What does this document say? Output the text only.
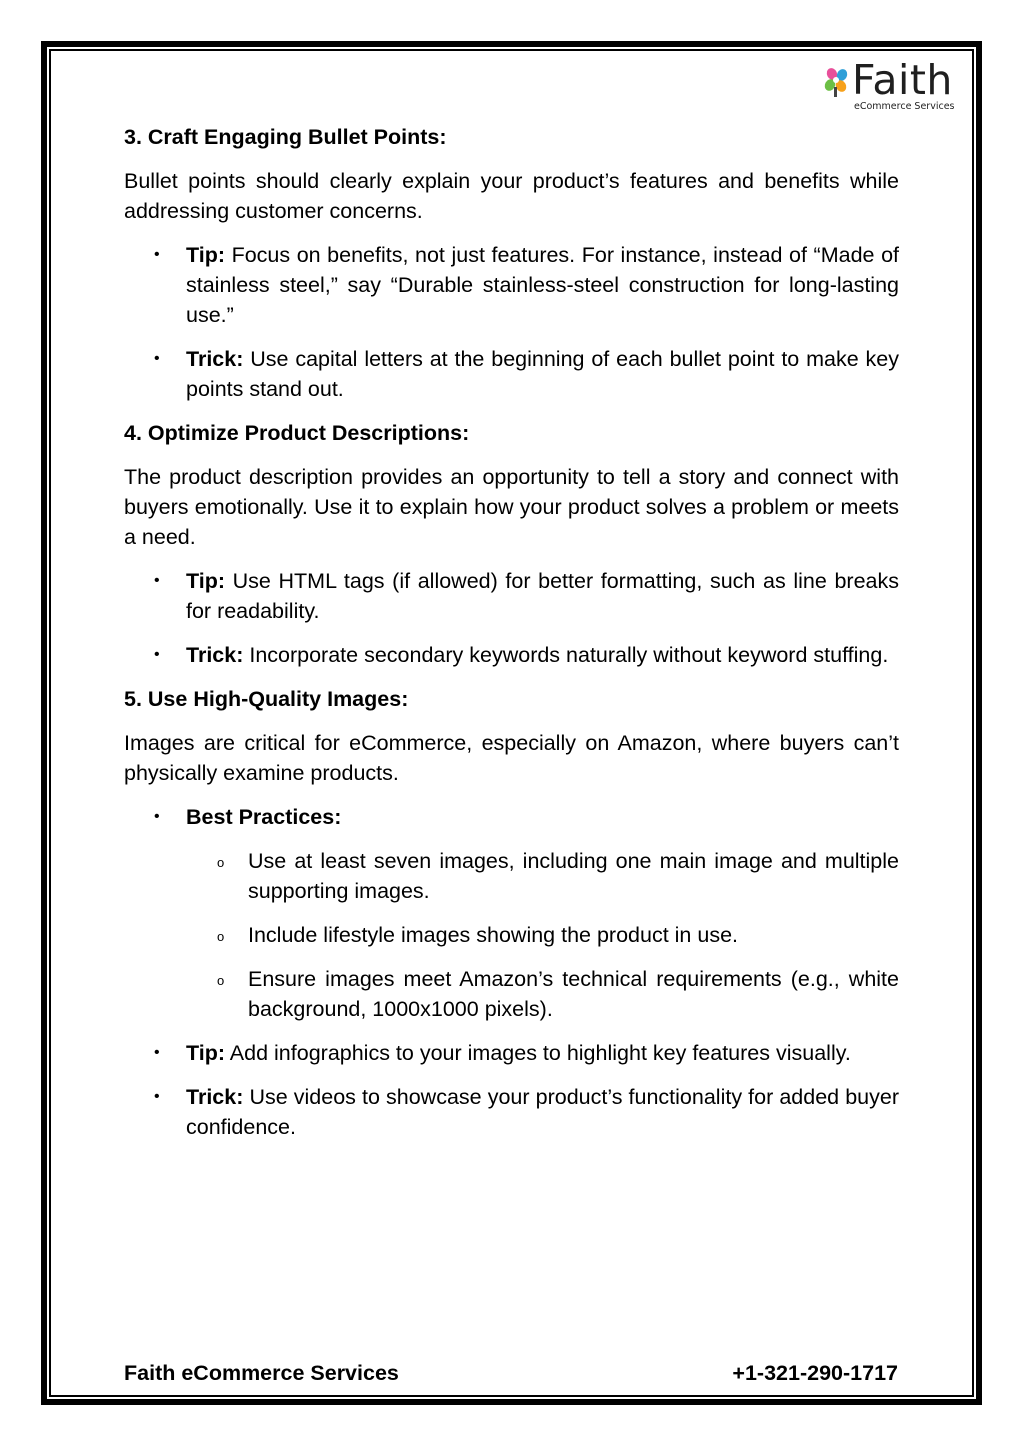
Faith
eCommerce Services

3. Craft Engaging Bullet Points:

Bullet points should clearly explain your product’s features and benefits while addressing customer concerns.

• Tip: Focus on benefits, not just features. For instance, instead of “Made of stainless steel,” say “Durable stainless-steel construction for long-lasting use.”
• Trick: Use capital letters at the beginning of each bullet point to make key points stand out.

4. Optimize Product Descriptions:

The product description provides an opportunity to tell a story and connect with buyers emotionally. Use it to explain how your product solves a problem or meets a need.

• Tip: Use HTML tags (if allowed) for better formatting, such as line breaks for readability.
• Trick: Incorporate secondary keywords naturally without keyword stuffing.

5. Use High-Quality Images:

Images are critical for eCommerce, especially on Amazon, where buyers can’t physically examine products.

• Best Practices:
o Use at least seven images, including one main image and multiple supporting images.
o Include lifestyle images showing the product in use.
o Ensure images meet Amazon’s technical requirements (e.g., white background, 1000x1000 pixels).
• Tip: Add infographics to your images to highlight key features visually.
• Trick: Use videos to showcase your product’s functionality for added buyer confidence.
Faith eCommerce Services	+1-321-290-1717
